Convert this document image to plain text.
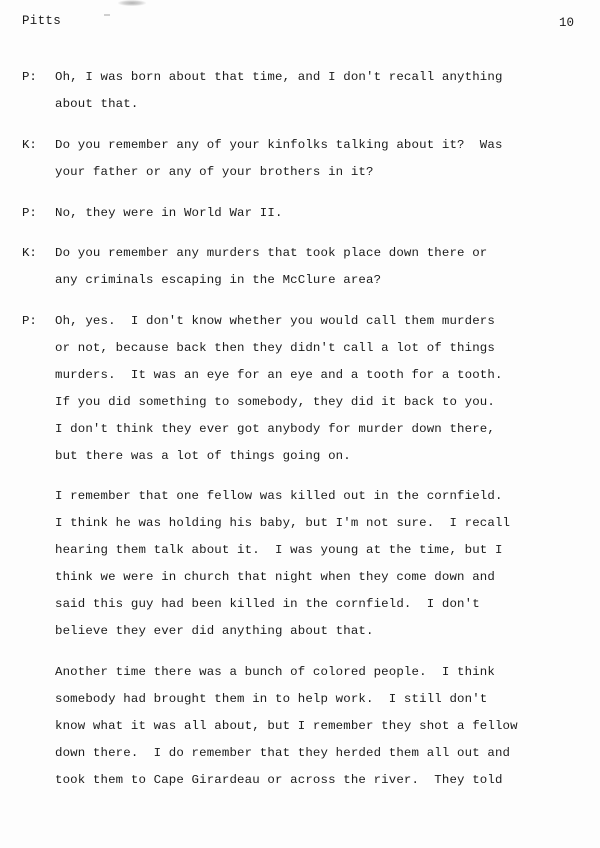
Pitts	10
P: Oh, I was born about that time, and I don't recall anything
about that.
K: Do you remember any of your kinfolks talking about it?  Was
your father or any of your brothers in it?
P: No, they were in World War II.
K: Do you remember any murders that took place down there or
any criminals escaping in the McClure area?
P: Oh, yes.  I don't know whether you would call them murders
or not, because back then they didn't call a lot of things
murders.  It was an eye for an eye and a tooth for a tooth.
If you did something to somebody, they did it back to you.
I don't think they ever got anybody for murder down there,
but there was a lot of things going on.
I remember that one fellow was killed out in the cornfield.
I think he was holding his baby, but I'm not sure.  I recall
hearing them talk about it.  I was young at the time, but I
think we were in church that night when they come down and
said this guy had been killed in the cornfield.  I don't
believe they ever did anything about that.
Another time there was a bunch of colored people.  I think
somebody had brought them in to help work.  I still don't
know what it was all about, but I remember they shot a fellow
down there.  I do remember that they herded them all out and
took them to Cape Girardeau or across the river.  They told
